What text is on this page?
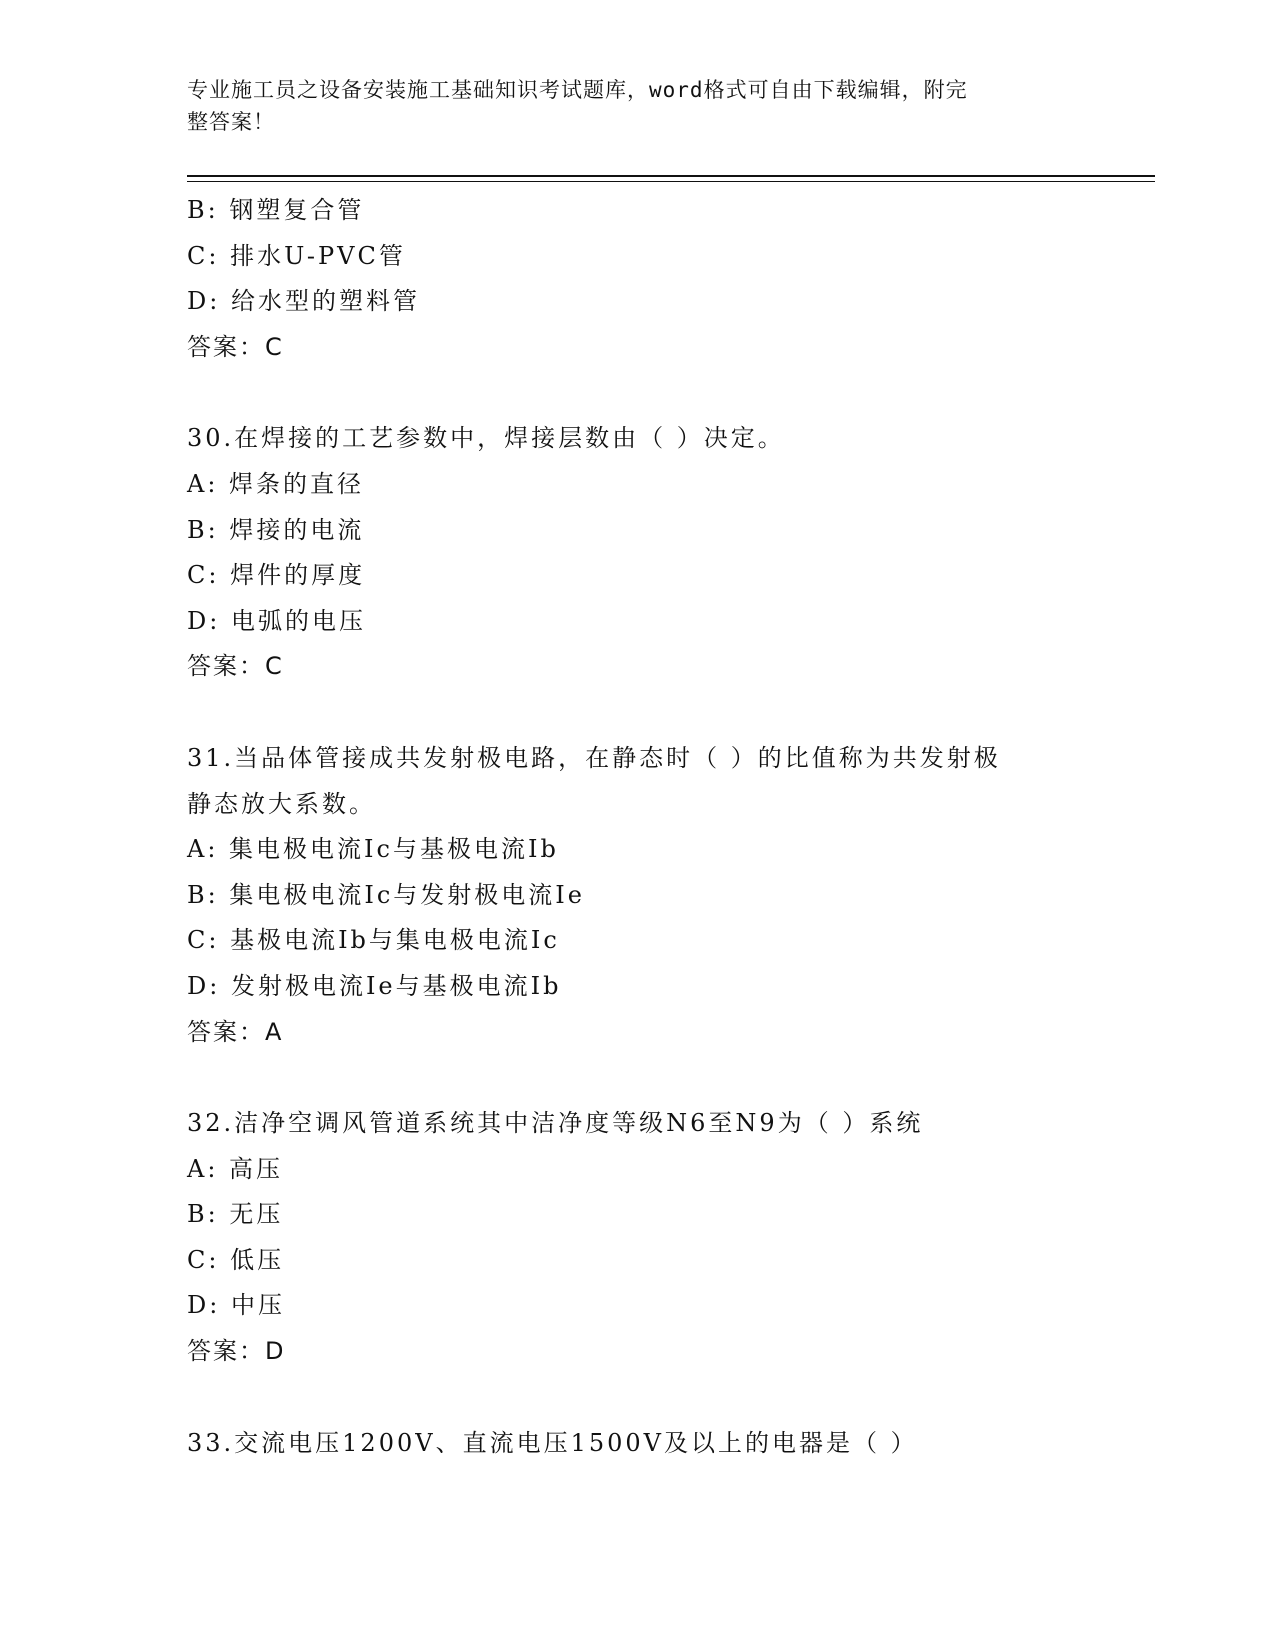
专业施工员之设备安装施工基础知识考试题库，word格式可自由下载编辑，附完
整答案！
B: 钢塑复合管
C: 排水U-PVC管
D: 给水型的塑料管
答案：C
30.在焊接的工艺参数中，焊接层数由（ ）决定。
A: 焊条的直径
B: 焊接的电流
C: 焊件的厚度
D: 电弧的电压
答案：C
31.当品体管接成共发射极电路，在静态时（ ）的比值称为共发射极
静态放大系数。
A: 集电极电流Ic与基极电流Ib
B: 集电极电流Ic与发射极电流Ie
C: 基极电流Ib与集电极电流Ic
D: 发射极电流Ie与基极电流Ib
答案：A
32.洁净空调风管道系统其中洁净度等级N6至N9为（ ）系统
A: 高压
B: 无压
C: 低压
D: 中压
答案：D
33.交流电压1200V、直流电压1500V及以上的电器是（ ）
